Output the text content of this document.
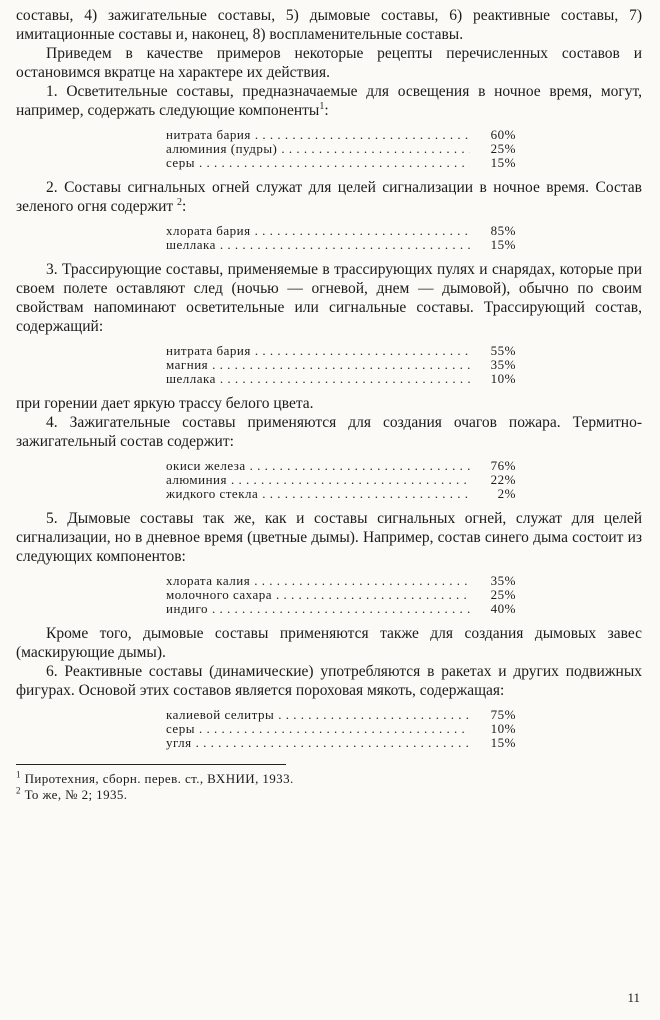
составы, 4) зажигательные составы, 5) дымовые составы, 6) реактивные составы, 7) имитационные составы и, наконец, 8) воспламенительные составы.

Приведем в качестве примеров некоторые рецепты перечисленных составов и остановимся вкратце на характере их действия.

1. Осветительные составы, предназначаемые для освещения в ночное время, могут, например, содержать следующие компоненты$^1$:

нитрата бария . . .	60%
алюминия (пудры) . . .	25%
серы . . .	15%

2. Составы сигнальных огней служат для целей сигнализации в ночное время. Состав зеленого огня содержит $^2$:

хлората бария . . .	85%
шеллака . . .	15%

3. Трассирующие составы, применяемые в трассирующих пулях и снарядах, которые при своем полете оставляют след (ночью — огневой, днем — дымовой), обычно по своим свойствам напоминают осветительные или сигнальные составы. Трассирующий состав, содержащий:

нитрата бария . . .	55%
магния . . .	35%
шеллака . . .	10%

при горении дает яркую трассу белого цвета.

4. Зажигательные составы применяются для создания очагов пожара. Термитно-зажигательный состав содержит:

окиси железа . . .	76%
алюминия . . .	22%
жидкого стекла . . .	2%

5. Дымовые составы так же, как и составы сигнальных огней, служат для целей сигнализации, но в дневное время (цветные дымы). Например, состав синего дыма состоит из следующих компонентов:

хлората калия . . .	35%
молочного сахара . . .	25%
индиго . . .	40%

Кроме того, дымовые составы применяются также для создания дымовых завес (маскирующие дымы).

6. Реактивные составы (динамические) употребляются в ракетах и других подвижных фигурах. Основой этих составов является пороховая мякоть, содержащая:

калиевой селитры . . .	75%
серы . . .	10%
угля . . .	15%
$^1$ Пиротехния, сборн. перев. ст., ВХНИИ, 1933.
$^2$ То же, № 2; 1935.
11
